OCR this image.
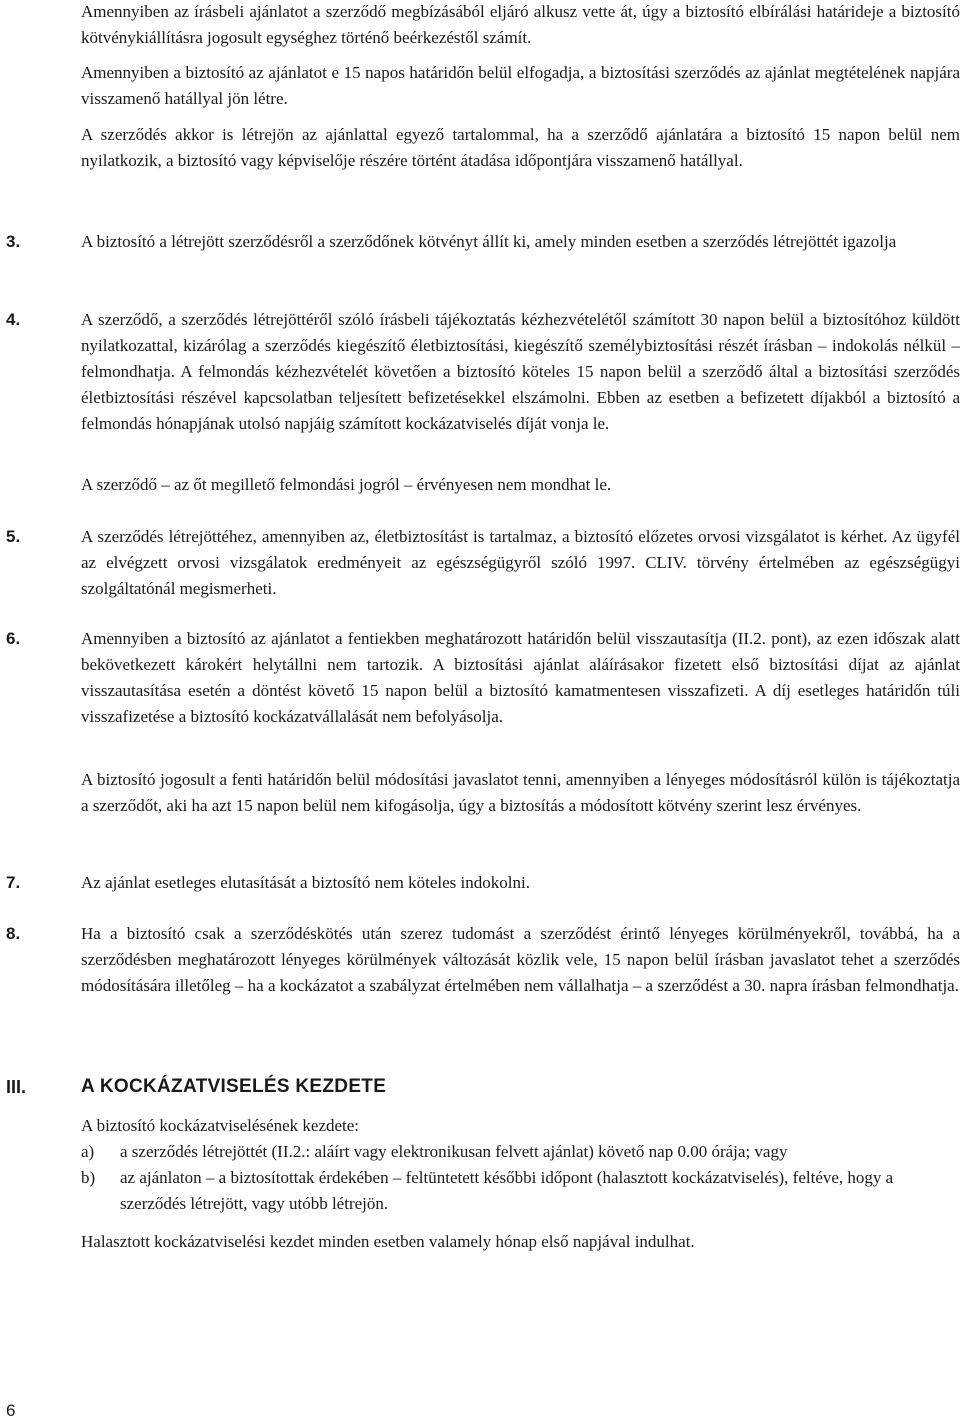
Amennyiben az írásbeli ajánlatot a szerződő megbízásából eljáró alkusz vette át, úgy a biztosító elbírálási határideje a biztosító kötvénykiállításra jogosult egységhez történő beérkezéstől számít.

Amennyiben a biztosító az ajánlatot e 15 napos határidőn belül elfogadja, a biztosítási szerződés az ajánlat megtételének napjára visszamenő hatállyal jön létre.

A szerződés akkor is létrejön az ajánlattal egyező tartalommal, ha a szerződő ajánlatára a biztosító 15 napon belül nem nyilatkozik, a biztosító vagy képviselője részére történt átadása időpontjára visszamenő hatállyal.

3.	A biztosító a létrejött szerződésről a szerződőnek kötvényt állít ki, amely minden esetben a szerződés létrejöttét igazolja

4.	A szerződő, a szerződés létrejöttéről szóló írásbeli tájékoztatás kézhezvételétől számított 30 napon belül a biztosítóhoz küldött nyilatkozattal, kizárólag a szerződés kiegészítő életbiztosítási, kiegészítő személybiztosítási részét írásban – indokolás nélkül – felmondhatja. A felmondás kézhezvételét követően a biztosító köteles 15 napon belül a szerződő által a biztosítási szerződés életbiztosítási részével kapcsolatban teljesített befizetésekkel elszámolni. Ebben az esetben a befizetett díjakból a biztosító a felmondás hónapjának utolsó napjáig számított kockázatviselés díját vonja le.

A szerződő – az őt megillető felmondási jogról – érvényesen nem mondhat le.

5.	A szerződés létrejöttéhez, amennyiben az, életbiztosítást is tartalmaz, a biztosító előzetes orvosi vizsgálatot is kérhet. Az ügyfél az elvégzett orvosi vizsgálatok eredményeit az egészségügyről szóló 1997. CLIV. törvény értelmében az egészségügyi szolgáltatónál megismerheti.

6.	Amennyiben a biztosító az ajánlatot a fentiekben meghatározott határidőn belül visszautasítja (II.2. pont), az ezen időszak alatt bekövetkezett károkért helytállni nem tartozik. A biztosítási ajánlat aláírásakor fizetett első biztosítási díjat az ajánlat visszautasítása esetén a döntést követő 15 napon belül a biztosító kamatmentesen visszafizeti. A díj esetleges határidőn túli visszafizetése a biztosító kockázatvállalását nem befolyásolja.

A biztosító jogosult a fenti határidőn belül módosítási javaslatot tenni, amennyiben a lényeges módosításról külön is tájékoztatja a szerződőt, aki ha azt 15 napon belül nem kifogásolja, úgy a biztosítás a módosított kötvény szerint lesz érvényes.

7.	Az ajánlat esetleges elutasítását a biztosító nem köteles indokolni.

8.	Ha a biztosító csak a szerződéskötés után szerez tudomást a szerződést érintő lényeges körülményekről, továbbá, ha a szerződésben meghatározott lényeges körülmények változását közlik vele, 15 napon belül írásban javaslatot tehet a szerződés módosítására illetőleg – ha a kockázatot a szabályzat értelmében nem vállalhatja – a szerződést a 30. napra írásban felmondhatja.

III.	A KOCKÁZATVISELÉS KEZDETE

A biztosító kockázatviselésének kezdete:

a) a szerződés létrejöttét (II.2.: aláírt vagy elektronikusan felvett ajánlat) követő nap 0.00 órája; vagy

b) az ajánlaton – a biztosítottak érdekében – feltüntetett későbbi időpont (halasztott kockázatviselés), feltéve, hogy a szerződés létrejött, vagy utóbb létrejön.

Halasztott kockázatviselési kezdet minden esetben valamely hónap első napjával indulhat.

6
